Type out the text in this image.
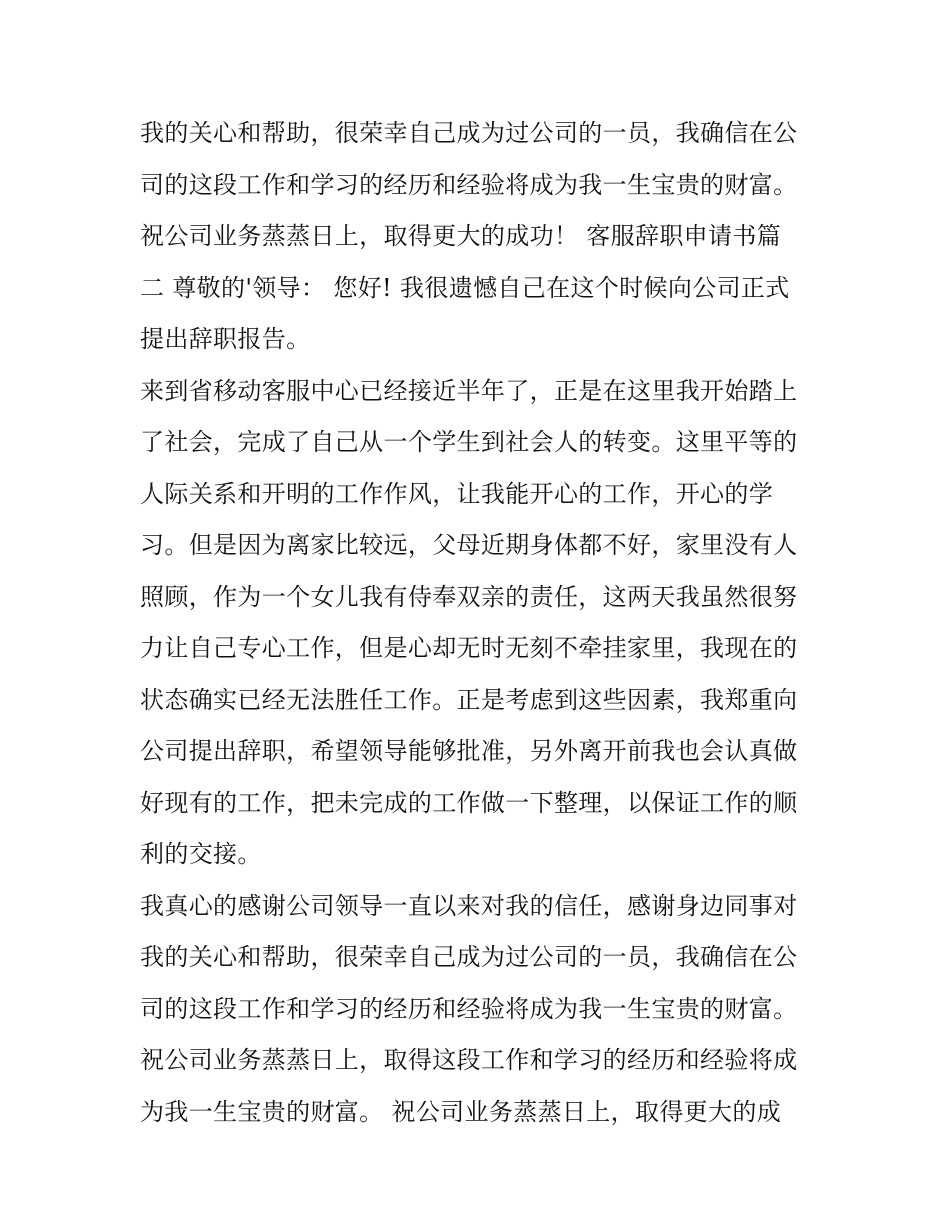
我的关心和帮助，很荣幸自己成为过公司的一员，我确信在公
司的这段工作和学习的经历和经验将成为我一生宝贵的财富。
祝公司业务蒸蒸日上，取得更大的成功！ 客服辞职申请书篇
二 尊敬的'领导： 您好! 我很遗憾自己在这个时候向公司正式
提出辞职报告。
来到省移动客服中心已经接近半年了，正是在这里我开始踏上
了社会，完成了自己从一个学生到社会人的转变。这里平等的
人际关系和开明的工作作风，让我能开心的工作，开心的学
习。但是因为离家比较远，父母近期身体都不好，家里没有人
照顾，作为一个女儿我有侍奉双亲的责任，这两天我虽然很努
力让自己专心工作，但是心却无时无刻不牵挂家里，我现在的
状态确实已经无法胜任工作。正是考虑到这些因素，我郑重向
公司提出辞职，希望领导能够批准，另外离开前我也会认真做
好现有的工作，把未完成的工作做一下整理，以保证工作的顺
利的交接。
我真心的感谢公司领导一直以来对我的信任，感谢身边同事对
我的关心和帮助，很荣幸自己成为过公司的一员，我确信在公
司的这段工作和学习的经历和经验将成为我一生宝贵的财富。
祝公司业务蒸蒸日上，取得这段工作和学习的经历和经验将成
为我一生宝贵的财富。 祝公司业务蒸蒸日上，取得更大的成
